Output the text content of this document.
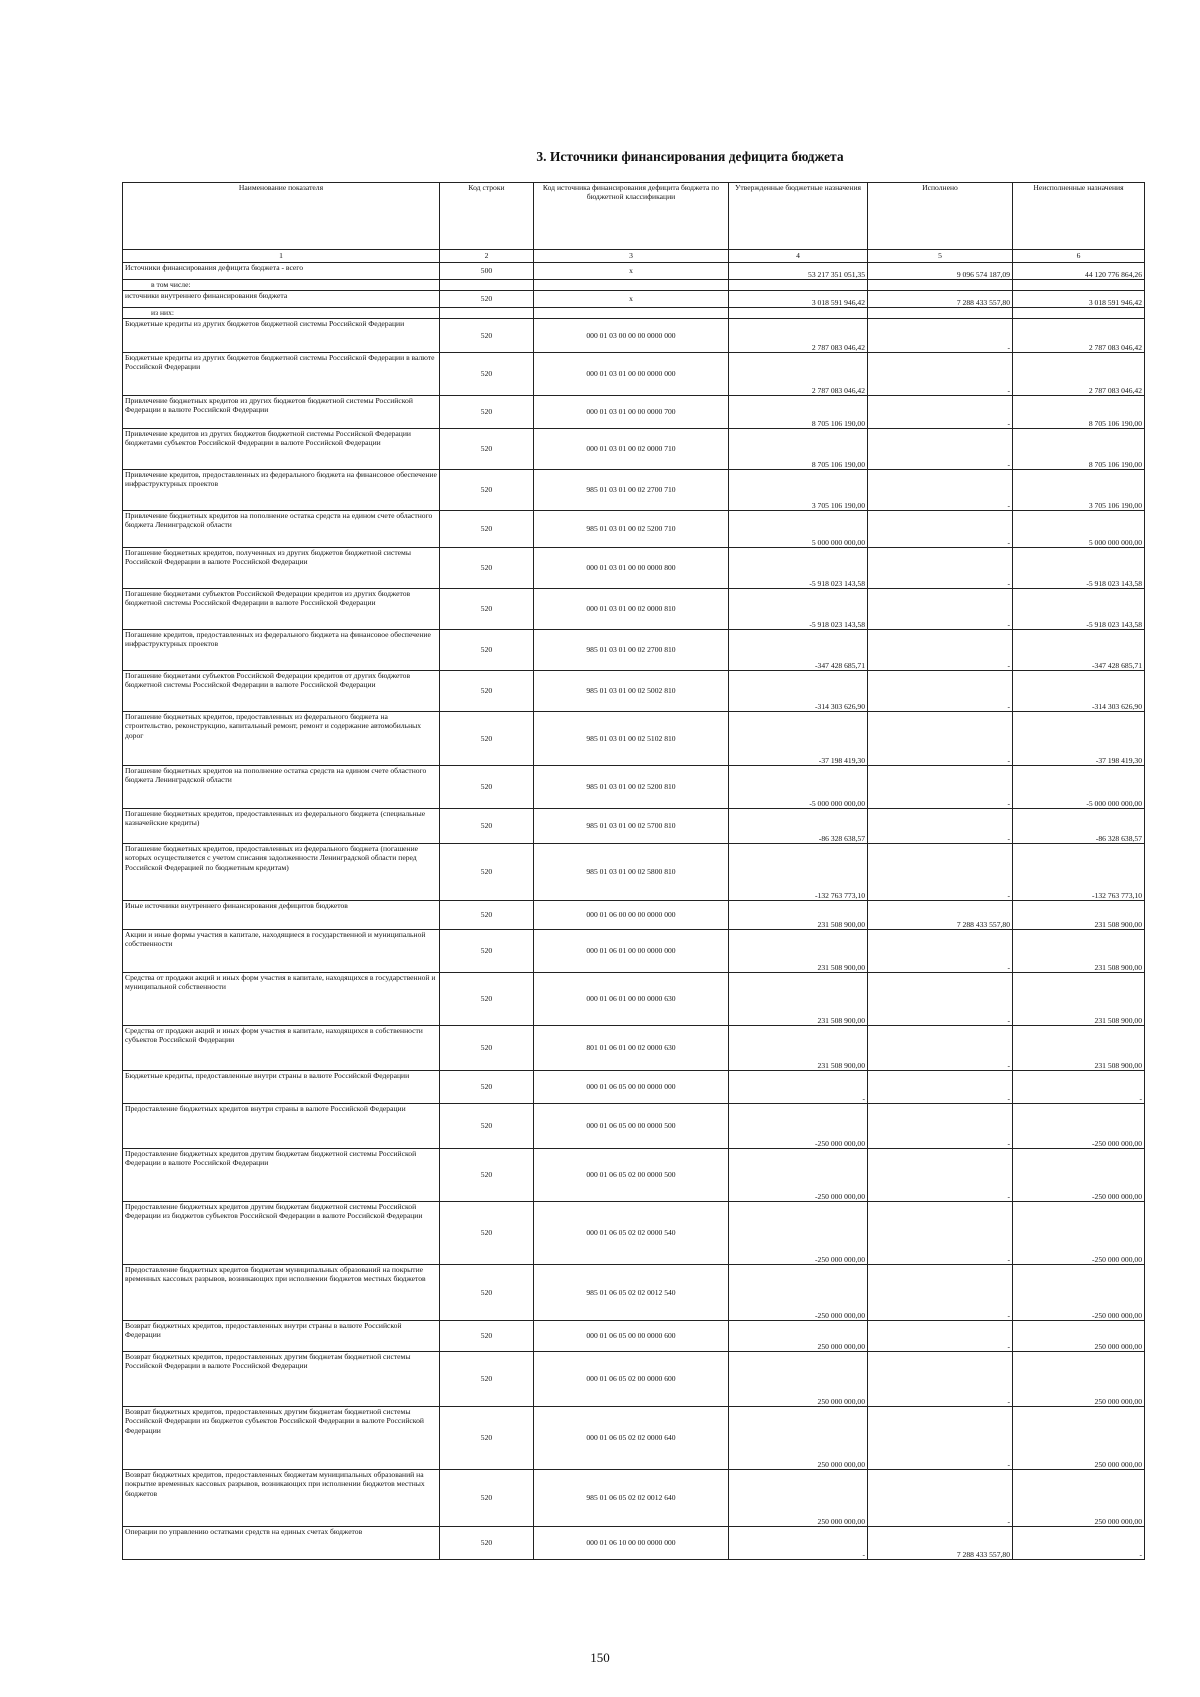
3. Источники финансирования дефицита бюджета
Наименование показателя	Код строки	Код источника финансирования дефицита бюджета по бюджетной классификации	Утвержденные бюджетные назначения	Исполнено	Неисполненные назначения
1	2	3	4	5	6
Источники финансирования дефицита бюджета - всего	500	х	53 217 351 051,35	9 096 574 187,09	44 120 776 864,26
в том числе:					
источники внутреннего финансирования бюджета	520	х	3 018 591 946,42	7 288 433 557,80	3 018 591 946,42
из них:					
Бюджетные кредиты из других бюджетов бюджетной системы Российской Федерации	520	000 01 03 00 00 00 0000 000	2 787 083 046,42	-	2 787 083 046,42
Бюджетные кредиты из других бюджетов бюджетной системы Российской Федерации в валюте Российской Федерации	520	000 01 03 01 00 00 0000 000	2 787 083 046,42	-	2 787 083 046,42
Привлечение бюджетных кредитов из других бюджетов бюджетной системы Российской Федерации в валюте Российской Федерации	520	000 01 03 01 00 00 0000 700	8 705 106 190,00	-	8 705 106 190,00
Привлечение кредитов из других бюджетов бюджетной системы Российской Федерации бюджетами субъектов Российской Федерации в валюте Российской Федерации	520	000 01 03 01 00 02 0000 710	8 705 106 190,00	-	8 705 106 190,00
Привлечение кредитов, предоставленных из федерального бюджета на финансовое обеспечение инфраструктурных проектов	520	985 01 03 01 00 02 2700 710	3 705 106 190,00	-	3 705 106 190,00
Привлечение бюджетных кредитов на пополнение остатка средств на едином счете областного бюджета Ленинградской области	520	985 01 03 01 00 02 5200 710	5 000 000 000,00	-	5 000 000 000,00
Погашение бюджетных кредитов, полученных из других бюджетов бюджетной системы Российской Федерации в валюте Российской Федерации	520	000 01 03 01 00 00 0000 800	-5 918 023 143,58	-	-5 918 023 143,58
Погашение бюджетами субъектов Российской Федерации кредитов из других бюджетов бюджетной системы Российской Федерации в валюте Российской Федерации	520	000 01 03 01 00 02 0000 810	-5 918 023 143,58	-	-5 918 023 143,58
Погашение кредитов, предоставленных из федерального бюджета на финансовое обеспечение инфраструктурных проектов	520	985 01 03 01 00 02 2700 810	-347 428 685,71	-	-347 428 685,71
Погашение бюджетами субъектов Российской Федерации кредитов от других бюджетов бюджетной системы Российской Федерации в валюте Российской Федерации	520	985 01 03 01 00 02 5002 810	-314 303 626,90	-	-314 303 626,90
Погашение бюджетных кредитов, предоставленных из федерального бюджета на строительство, реконструкцию, капитальный ремонт, ремонт и содержание автомобильных дорог	520	985 01 03 01 00 02 5102 810	-37 198 419,30	-	-37 198 419,30
Погашение бюджетных кредитов на пополнение остатка средств на едином счете областного бюджета Ленинградской области	520	985 01 03 01 00 02 5200 810	-5 000 000 000,00	-	-5 000 000 000,00
Погашение бюджетных кредитов, предоставленных из федерального бюджета (специальные казначейские кредиты)	520	985 01 03 01 00 02 5700 810	-86 328 638,57	-	-86 328 638,57
Погашение бюджетных кредитов, предоставленных из федерального бюджета (погашение которых осуществляется с учетом списания задолженности Ленинградской области перед Российской Федерацией по бюджетным кредитам)	520	985 01 03 01 00 02 5800 810	-132 763 773,10	-	-132 763 773,10
Иные источники внутреннего финансирования дефицитов бюджетов	520	000 01 06 00 00 00 0000 000	231 508 900,00	7 288 433 557,80	231 508 900,00
Акции и иные формы участия в капитале, находящиеся в государственной и муниципальной собственности	520	000 01 06 01 00 00 0000 000	231 508 900,00	-	231 508 900,00
Средства от продажи акций и иных форм участия в капитале, находящихся в государственной и муниципальной собственности	520	000 01 06 01 00 00 0000 630	231 508 900,00	-	231 508 900,00
Средства от продажи акций и иных форм участия в капитале, находящихся в собственности субъектов Российской Федерации	520	801 01 06 01 00 02 0000 630	231 508 900,00	-	231 508 900,00
Бюджетные кредиты, предоставленные внутри страны в валюте Российской Федерации	520	000 01 06 05 00 00 0000 000	-	-	-
Предоставление бюджетных кредитов внутри страны в валюте Российской Федерации	520	000 01 06 05 00 00 0000 500	-250 000 000,00	-	-250 000 000,00
Предоставление бюджетных кредитов другим бюджетам бюджетной системы Российской Федерации в валюте Российской Федерации	520	000 01 06 05 02 00 0000 500	-250 000 000,00	-	-250 000 000,00
Предоставление бюджетных кредитов другим бюджетам бюджетной системы Российской Федерации из бюджетов субъектов Российской Федерации в валюте Российской Федерации	520	000 01 06 05 02 02 0000 540	-250 000 000,00	-	-250 000 000,00
Предоставление бюджетных кредитов бюджетам муниципальных образований на покрытие временных кассовых разрывов, возникающих при исполнении бюджетов местных бюджетов	520	985 01 06 05 02 02 0012 540	-250 000 000,00	-	-250 000 000,00
Возврат бюджетных кредитов, предоставленных внутри страны в валюте Российской Федерации	520	000 01 06 05 00 00 0000 600	250 000 000,00	-	250 000 000,00
Возврат бюджетных кредитов, предоставленных другим бюджетам бюджетной системы Российской Федерации в валюте Российской Федерации	520	000 01 06 05 02 00 0000 600	250 000 000,00	-	250 000 000,00
Возврат бюджетных кредитов, предоставленных другим бюджетам бюджетной системы Российской Федерации из бюджетов субъектов Российской Федерации в валюте Российской Федерации	520	000 01 06 05 02 02 0000 640	250 000 000,00	-	250 000 000,00
Возврат бюджетных кредитов, предоставленных бюджетам муниципальных образований на покрытие временных кассовых разрывов, возникающих при исполнении бюджетов местных бюджетов	520	985 01 06 05 02 02 0012 640	250 000 000,00	-	250 000 000,00
Операции по управлению остатками средств на единых счетах бюджетов	520	000 01 06 10 00 00 0000 000	-	7 288 433 557,80	-
150
